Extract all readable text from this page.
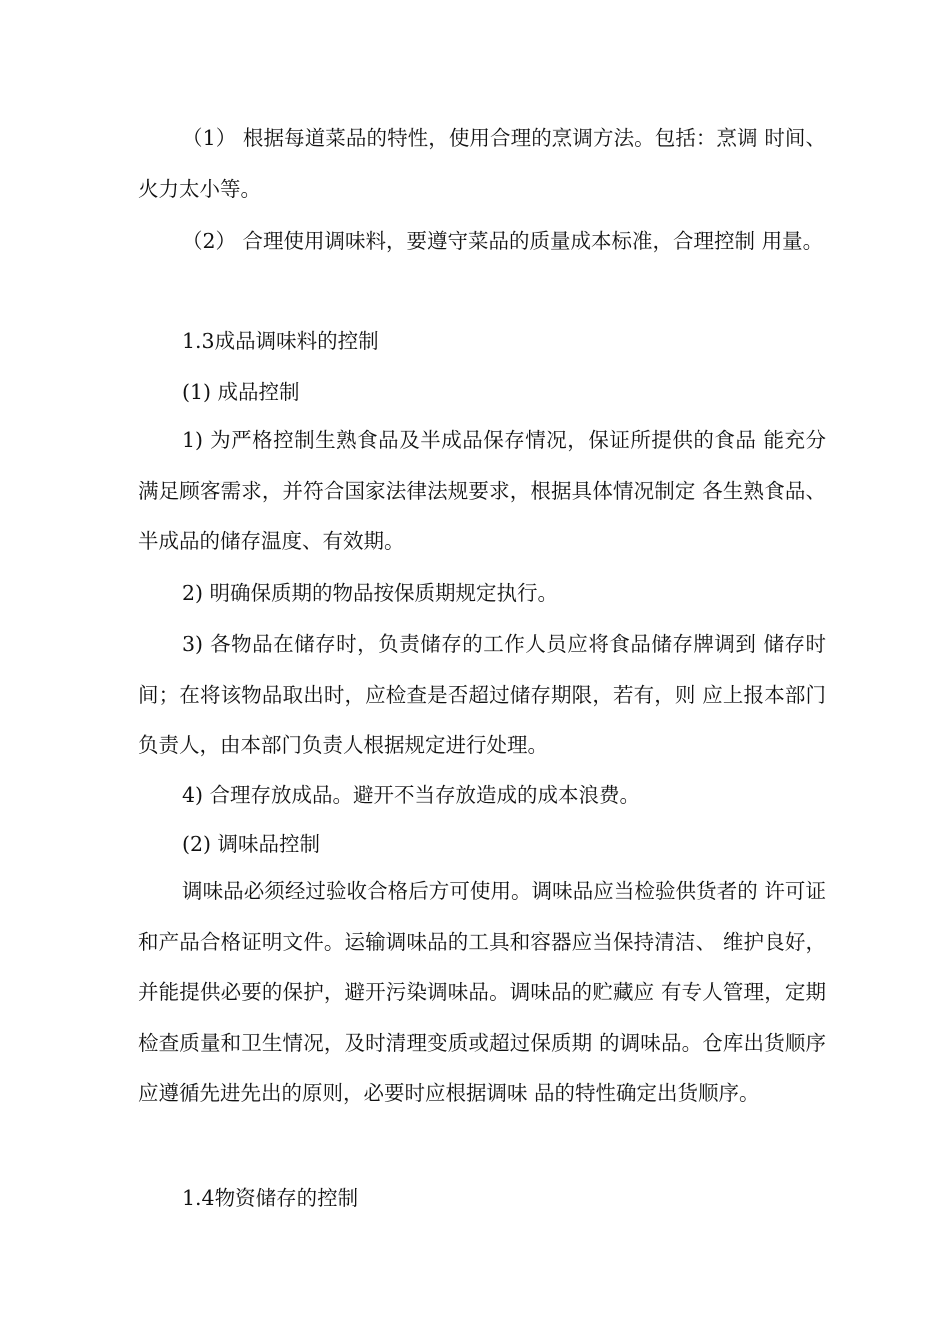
（1） 根据每道菜品的特性，使用合理的烹调方法。包括：烹调 时间、火力太小等。

（2） 合理使用调味料，要遵守菜品的质量成本标准，合理控制 用量。

1.3成品调味料的控制
(1) 成品控制

1) 为严格控制生熟食品及半成品保存情况，保证所提供的食品 能充分满足顾客需求，并符合国家法律法规要求，根据具体情况制定 各生熟食品、半成品的储存温度、有效期。

2) 明确保质期的物品按保质期规定执行。

3) 各物品在储存时，负责储存的工作人员应将食品储存牌调到 储存时间；在将该物品取出时，应检查是否超过储存期限，若有，则 应上报本部门负责人，由本部门负责人根据规定进行处理。

4) 合理存放成品。避开不当存放造成的成本浪费。

(2) 调味品控制

调味品必须经过验收合格后方可使用。调味品应当检验供货者的 许可证和产品合格证明文件。运输调味品的工具和容器应当保持清洁、 维护良好，并能提供必要的保护，避开污染调味品。调味品的贮藏应 有专人管理，定期检查质量和卫生情况，及时清理变质或超过保质期 的调味品。仓库出货顺序应遵循先进先出的原则，必要时应根据调味 品的特性确定出货顺序。

1.4物资储存的控制
